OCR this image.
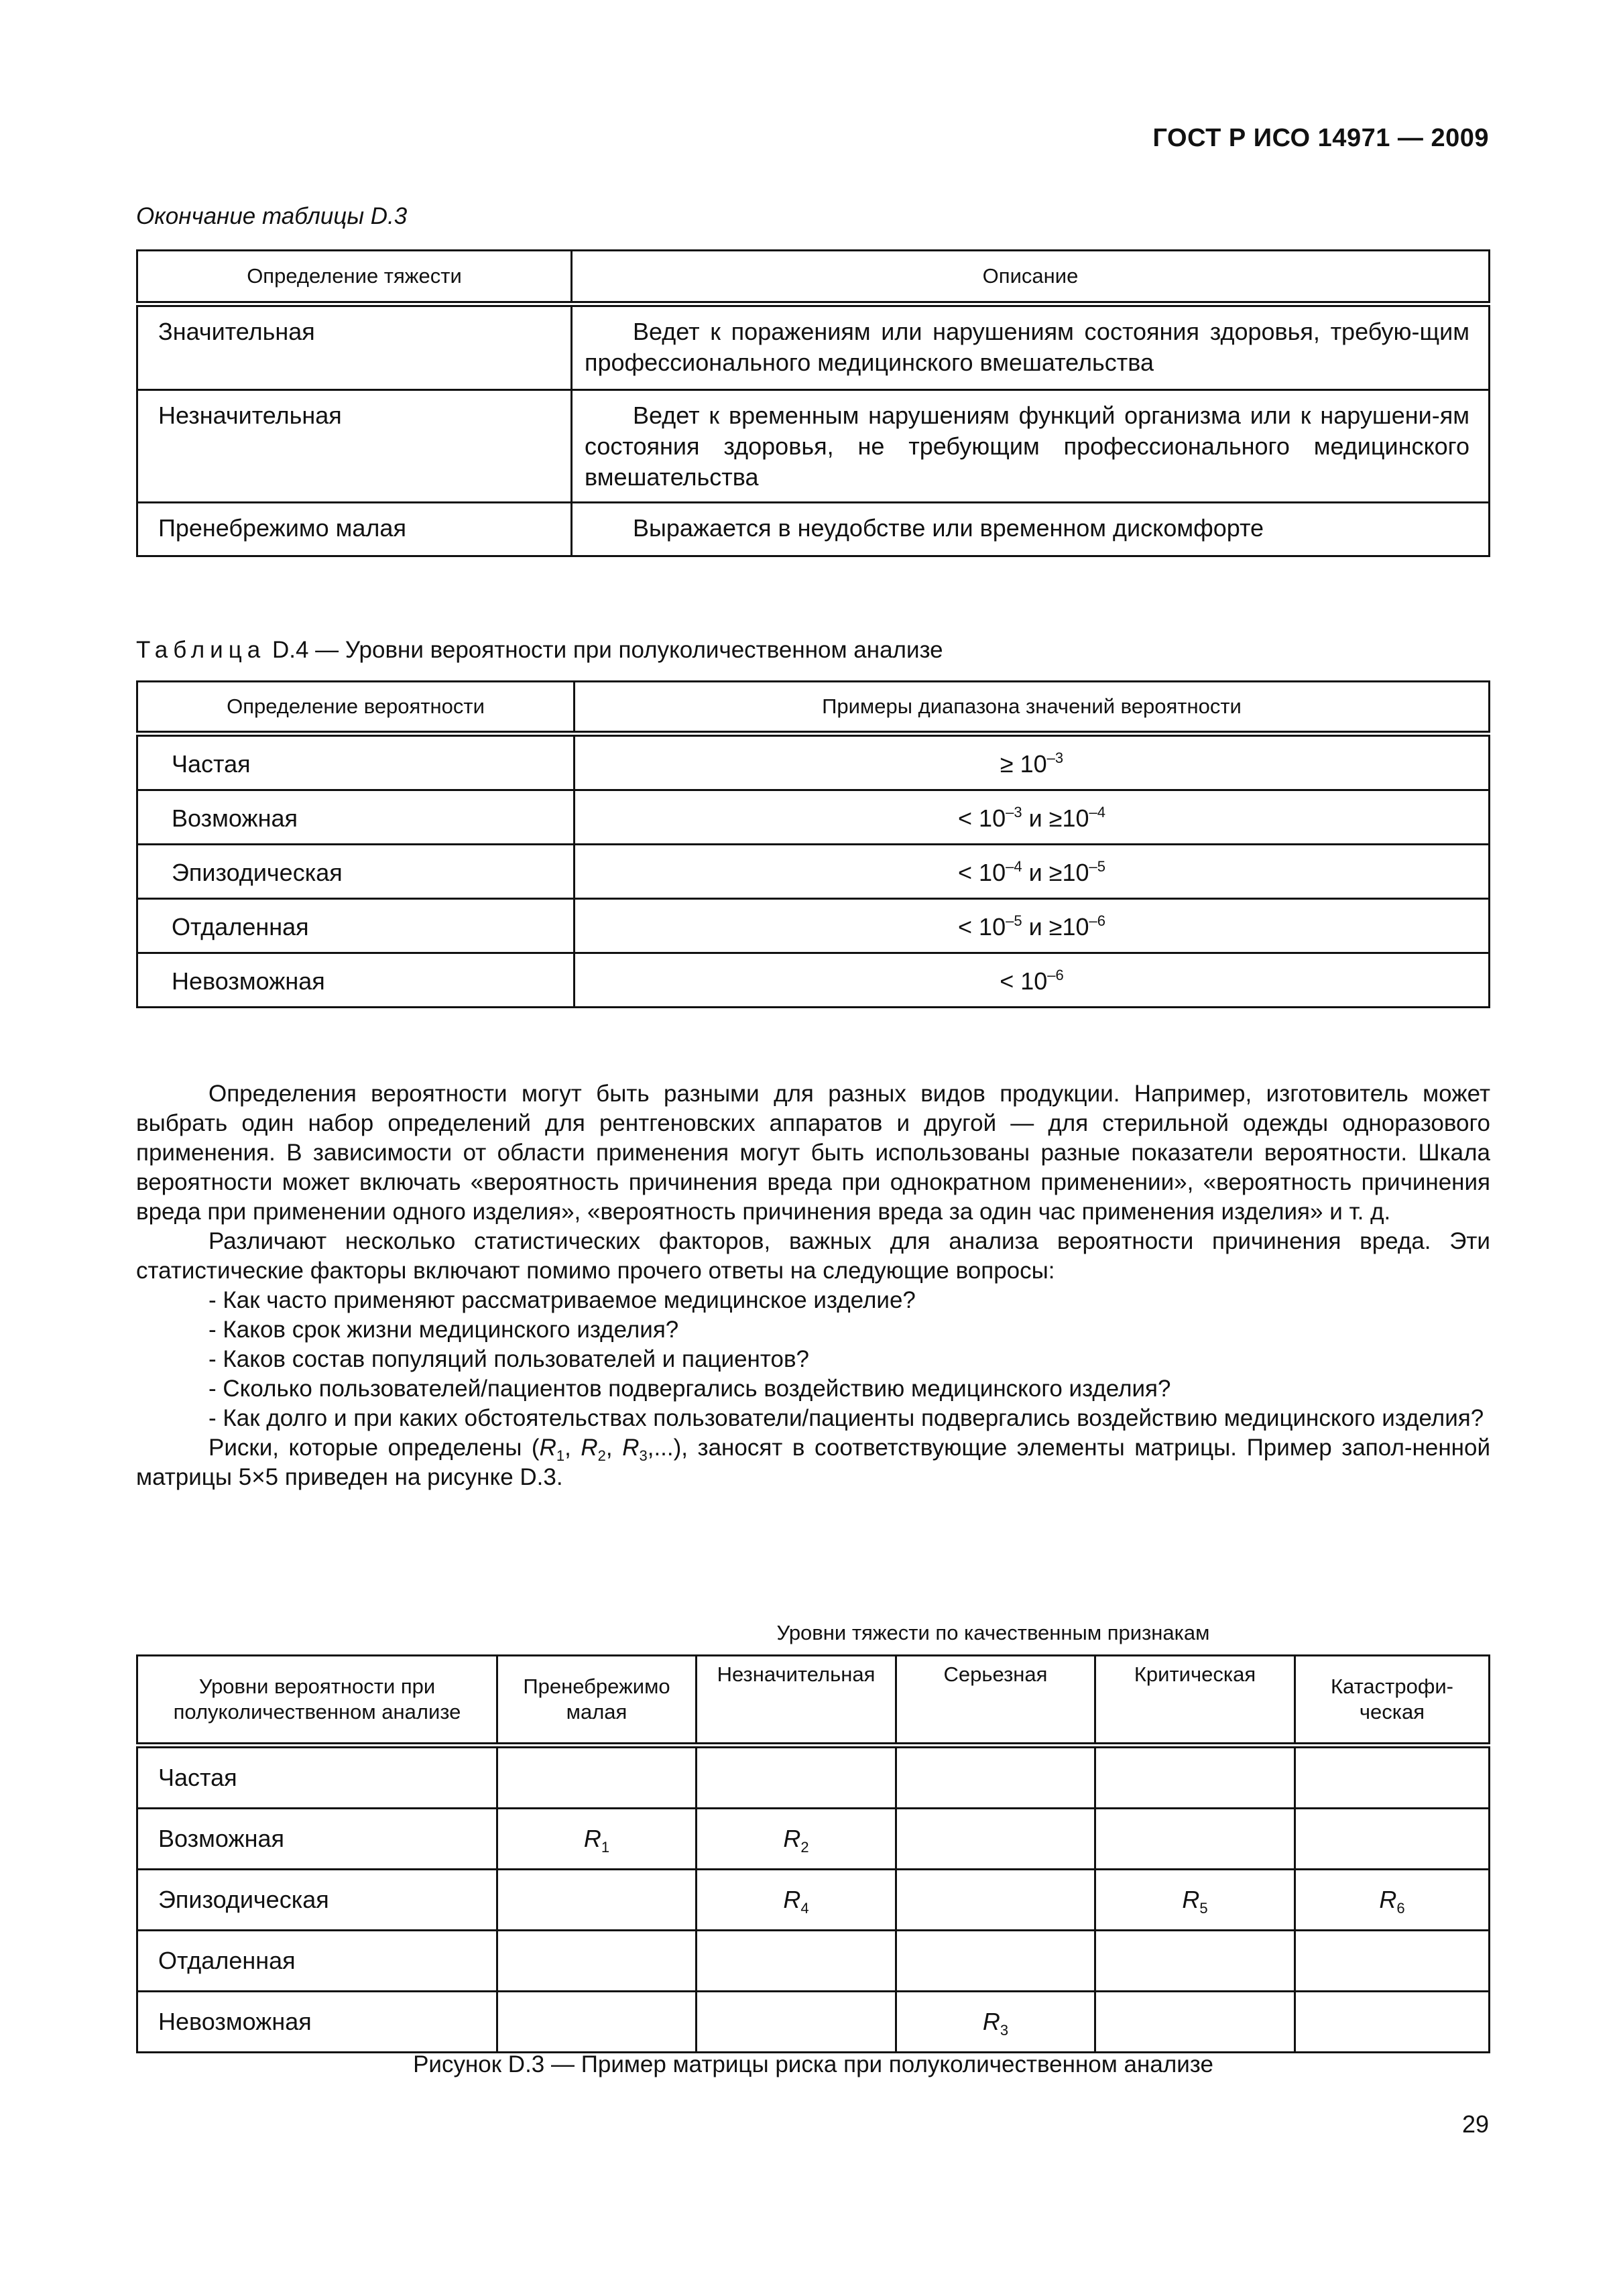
ГОСТ Р ИСО 14971 — 2009
Окончание таблицы D.3
Определение тяжести	Описание
Значительная	Ведет к поражениям или нарушениям состояния здоровья, требую-щим профессионального медицинского вмешательства
Незначительная	Ведет к временным нарушениям функций организма или к нарушени-ям состояния здоровья, не требующим профессионального медицинского вмешательства
Пренебрежимо малая	Выражается в неудобстве или временном дискомфорте
Таблица D.4 — Уровни вероятности при полуколичественном анализе
Определение вероятности	Примеры диапазона значений вероятности
Частая	≥ $10^{-3}$
Возможная	< $10^{-3}$ $и \ge 10^{-4}$
Эпизодическая	< $10^{-4}$ $и \ge 10^{-5}$
Отдаленная	< $10^{-5}$ $и \ge 10^{-6}$
Невозможная	< $10^{-6}$

Определения вероятности могут быть разными для разных видов продукции. Например, изготовитель может выбрать один набор определений для рентгеновских аппаратов и другой — для стерильной одежды одноразового применения. В зависимости от области применения могут быть использованы разные показатели вероятности. Шкала вероятности может включать «вероятность причинения вреда при однократном применении», «вероятность причинения вреда при применении одного изделия», «вероятность причинения вреда за один час применения изделия» и т. д.

Различают несколько статистических факторов, важных для анализа вероятности причинения вреда. Эти статистические факторы включают помимо прочего ответы на следующие вопросы:

- Как часто применяют рассматриваемое медицинское изделие?

- Каков срок жизни медицинского изделия?

- Каков состав популяций пользователей и пациентов?

- Сколько пользователей/пациентов подвергались воздействию медицинского изделия?

- Как долго и при каких обстоятельствах пользователи/пациенты подвергались воздействию медицинского изделия?

Риски, которые определены ($R_1$, $R_2$, $R_3$,...), заносят в соответствующие элементы матрицы. Пример запол-ненной матрицы 5×5 приведен на рисунке D.3.

Уровни тяжести по качественным признакам
Уровни вероятности при полуколичественном анализе	Пренебрежимо малая	Незначительная	Серьезная	Критическая	Катастрофи-ческая
Частая					
Возможная	$R_1$	$R_2$			
Эпизодическая		$R_4$		$R_5$	$R_6$
Отдаленная					
Невозможная			$R_3$		
Рисунок D.3 — Пример матрицы риска при полуколичественном анализе
29
